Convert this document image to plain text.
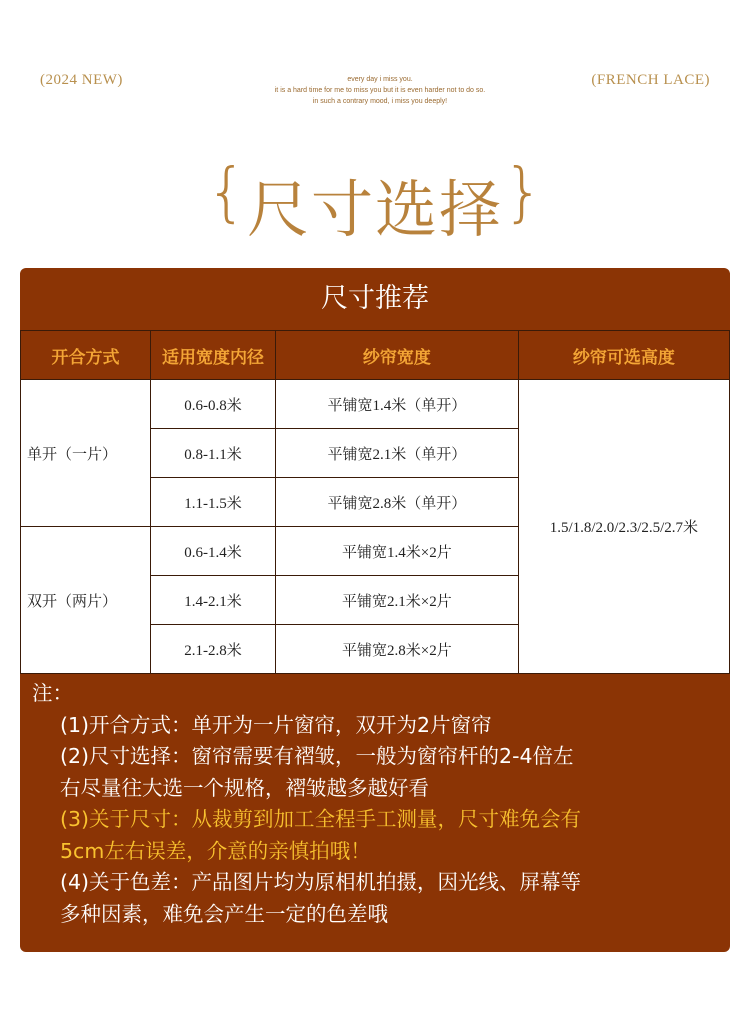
(2024 NEW)	every day i miss you.
it is a hard time for me to miss you but it is even harder not to do so.
in such a contrary mood, i miss you deeply!
(FRENCH LACE)
{尺寸选择}
尺寸推荐
开合方式	适用宽度内径	纱帘宽度	纱帘可选高度
单开（一片）	0.6-0.8米	平铺宽1.4米（单开）	1.5/1.8/2.0/2.3/2.5/2.7米
	0.8-1.1米	平铺宽2.1米（单开）	
	1.1-1.5米	平铺宽2.8米（单开）	
双开（两片）	0.6-1.4米	平铺宽1.4米×2片	
	1.4-2.1米	平铺宽2.1米×2片	
	2.1-2.8米	平铺宽2.8米×2片	
注：
(1)开合方式：单开为一片窗帘，双开为2片窗帘
(2)尺寸选择：窗帘需要有褶皱，一般为窗帘杆的2-4倍左
右尽量往大选一个规格，褶皱越多越好看
(3)关于尺寸：从裁剪到加工全程手工测量，尺寸难免会有
5cm左右误差，介意的亲慎拍哦！
(4)关于色差：产品图片均为原相机拍摄，因光线、屏幕等
多种因素，难免会产生一定的色差哦
